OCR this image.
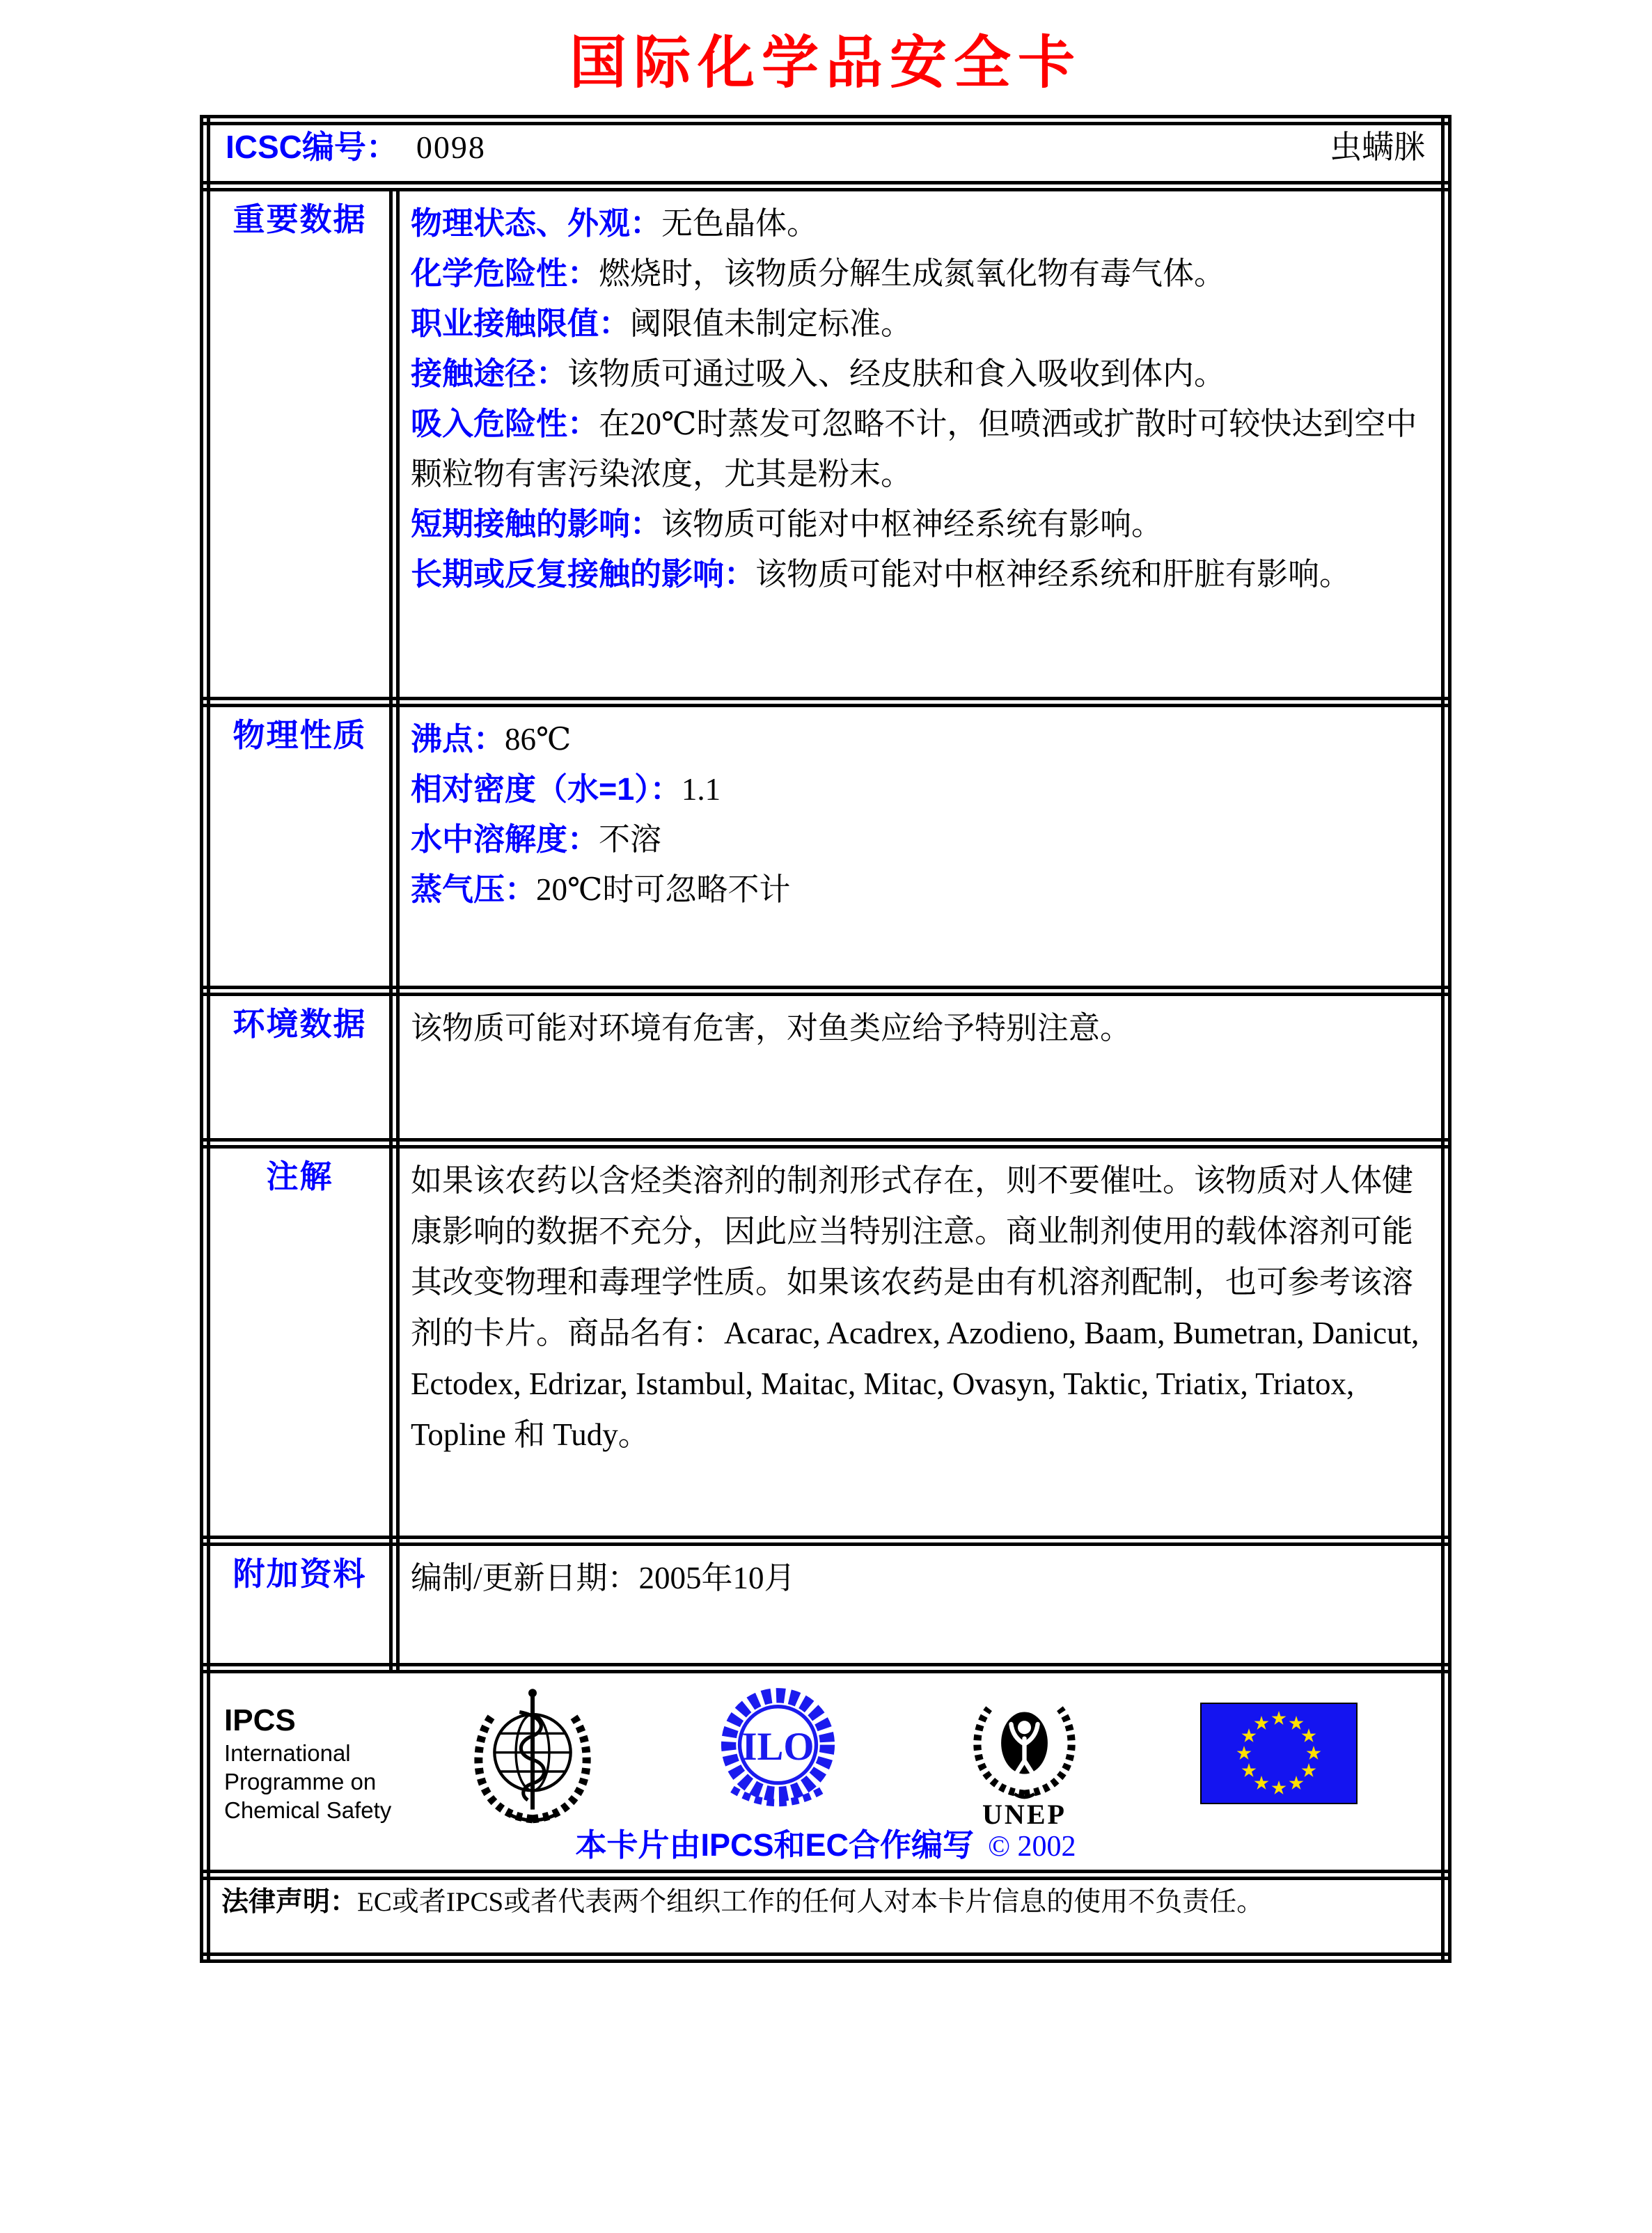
国际化学品安全卡
ICSC编号： 0098 虫螨脒	

重要数据	物理状态、外观：无色晶体。
化学危险性：燃烧时，该物质分解生成氮氧化物有毒气体。
职业接触限值：阈限值未制定标准。
接触途径：该物质可通过吸入、经皮肤和食入吸收到体内。
吸入危险性：在20℃时蒸发可忽略不计，但喷洒或扩散时可较快达到空中颗粒物有害污染浓度，尤其是粉末。
短期接触的影响：该物质可能对中枢神经系统有影响。
长期或反复接触的影响：该物质可能对中枢神经系统和肝脏有影响。

物理性质	沸点：86℃
相对密度（水=1）：1.1
水中溶解度：不溶
蒸气压：20℃时可忽略不计

环境数据	该物质可能对环境有危害，对鱼类应给予特别注意。

注解	如果该农药以含烃类溶剂的制剂形式存在，则不要催吐。该物质对人体健康影响的数据不充分，因此应当特别注意。商业制剂使用的载体溶剂可能其改变物理和毒理学性质。如果该农药是由有机溶剂配制，也可参考该溶剂的卡片。商品名有：Acarac, Acadrex, Azodieno, Baam, Bumetran, Danicut, Ectodex, Edrizar, Istambul, Maitac, Mitac, Ovasyn, Taktic, Triatix, Triatox, Topline 和 Tudy。

附加资料	编制/更新日期：2005年10月

IPCS
International
Programme on
Chemical Safety
ILO
UNEP
本卡片由IPCS和EC合作编写 © 2002

法律声明：EC或者IPCS或者代表两个组织工作的任何人对本卡片信息的使用不负责任。	
